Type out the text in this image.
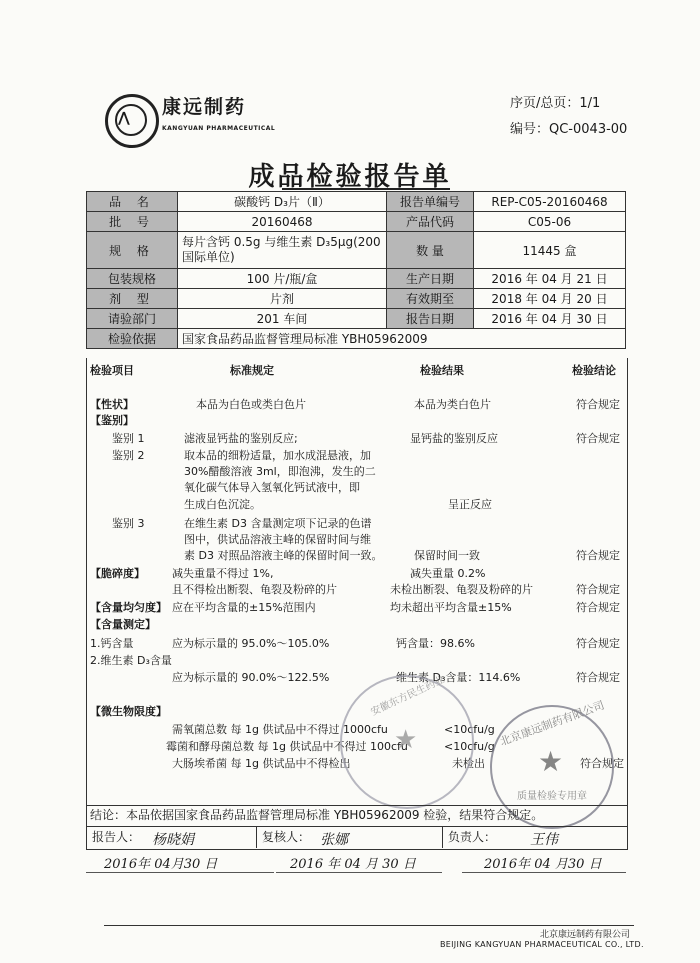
⋀ 康远制药
KANGYUAN PHARMACEUTICAL
序页/总页：1/1
编号：QC-0043-00
成品检验报告单
品 名	碳酸钙 D₃片（Ⅱ）	报告单编号	REP-C05-20160468
批 号	20160468	产品代码	C05-06
规 格	每片含钙 0.5g 与维生素 D₃5μg(200国际单位)	数 量	11445 盒
包装规格	100 片/瓶/盒	生产日期	2016 年 04 月 21 日
剂 型	片剂	有效期至	2018 年 04 月 20 日
请验部门	201 车间	报告日期	2016 年 04 月 30 日
检验依据	国家食品药品监督管理局标准 YBH05962009		
检验项目	标准规定	检验结果	检验结论
【性状】	本品为白色或类白色片	本品为类白色片	符合规定
【鉴别】
鉴别 1	滤液显钙盐的鉴别反应;	显钙盐的鉴别反应	符合规定
鉴别 2	取本品的细粉适量，加水成混悬液，加
30%醋酸溶液 3ml，即泡沸，发生的二
氧化碳气体导入氢氧化钙试液中，即
生成白色沉淀。	呈正反应
鉴别 3	在维生素 D3 含量测定项下记录的色谱
图中，供试品溶液主峰的保留时间与维
素 D3 对照品溶液主峰的保留时间一致。	保留时间一致	符合规定
【脆碎度】 减失重量不得过 1%,	减失重量 0.2%
且不得检出断裂、龟裂及粉碎的片	未检出断裂、龟裂及粉碎的片	符合规定
【含量均匀度】 应在平均含量的±15%范围内	均未超出平均含量±15%	符合规定
【含量测定】
1.钙含量	应为标示量的 95.0%～105.0%	钙含量：98.6%	符合规定
2.维生素 D₃含量
应为标示量的 90.0%～122.5%	维生素 D₃含量：114.6%	符合规定
【微生物限度】
需氧菌总数 每 1g 供试品中不得过 1000cfu	<10cfu/g
霉菌和酵母菌总数 每 1g 供试品中不得过 100cfu	<10cfu/g
大肠埃希菌 每 1g 供试品中不得检出	未检出	符合规定
安徽东方民生药业
★	北京康远制药有限公司
★
质量检验专用章
结论：本品依据国家食品药品监督管理局标准 YBH05962009 检验，结果符合规定。
报告人： 杨晓娟	复核人： 张娜	负责人： 王伟
2016年 04月30 日	2016 年 04 月 30 日	2016年 04 月30 日
北京康远制药有限公司
BEIJING KANGYUAN PHARMACEUTICAL CO., LTD.
